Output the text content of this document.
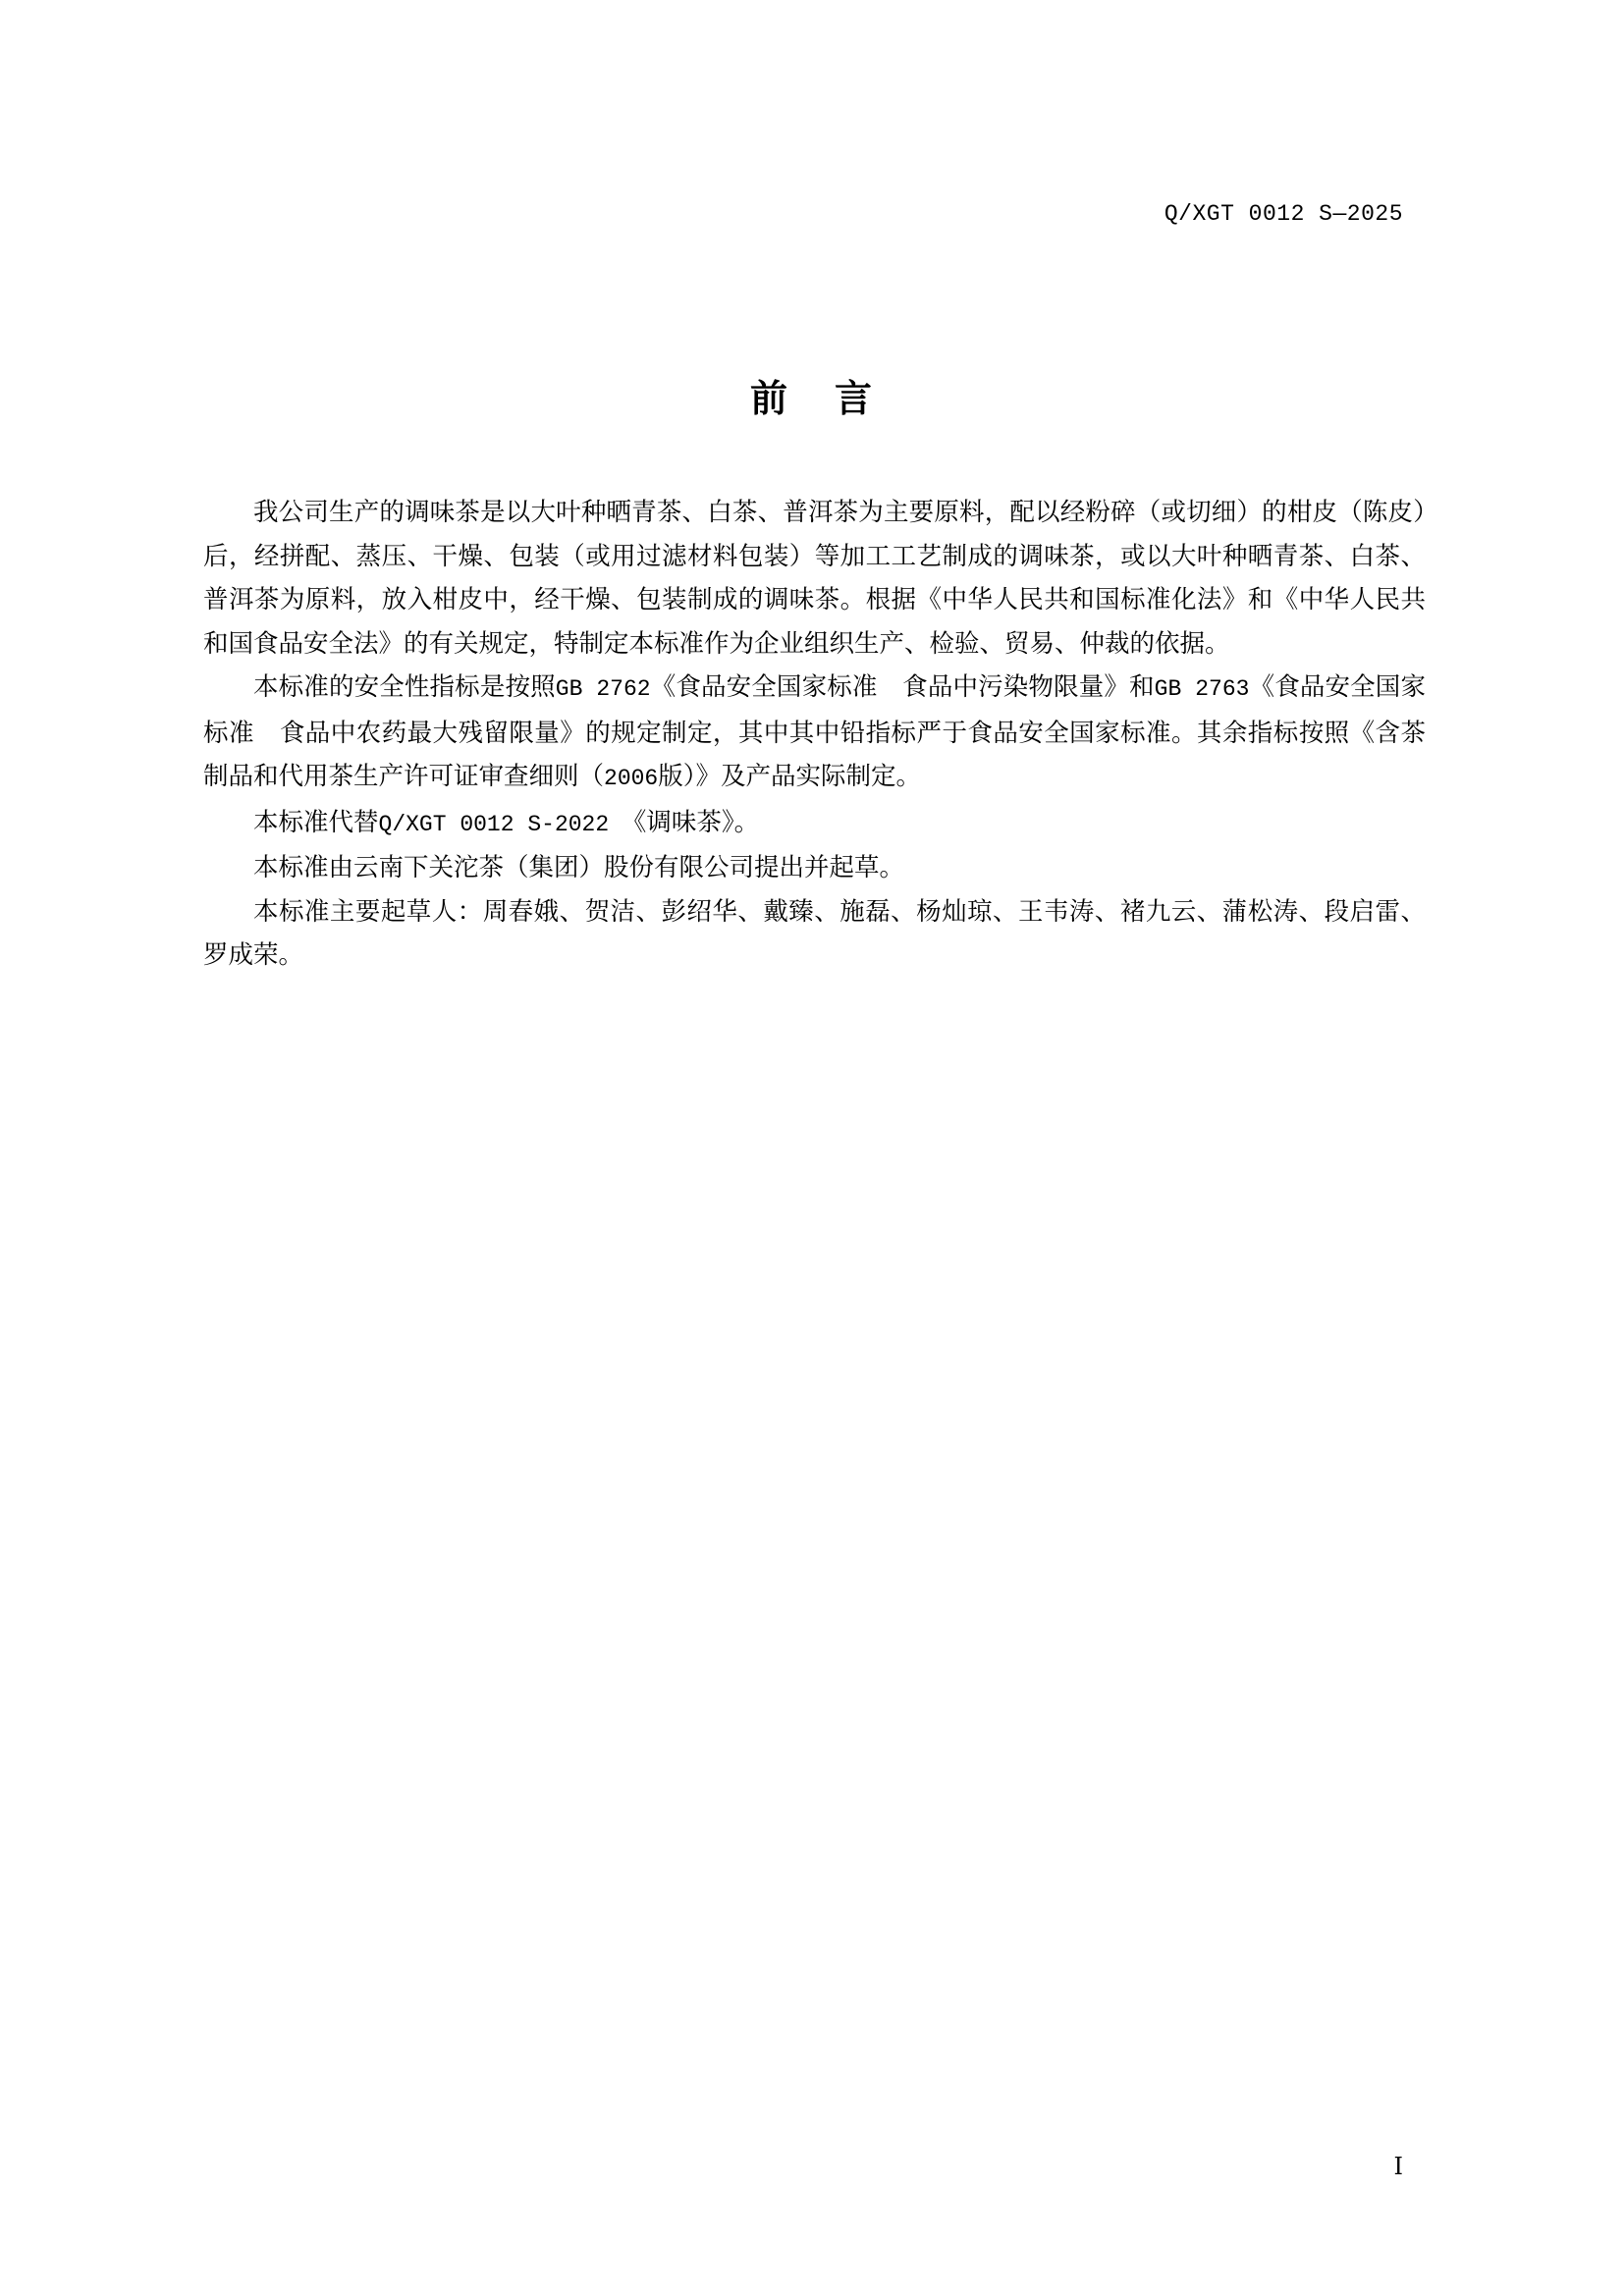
Q/XGT 0012 S—2025
前 言

我公司生产的调味茶是以大叶种晒青茶、白茶、普洱茶为主要原料，配以经粉碎（或切细）的柑皮（陈皮）后，经拼配、蒸压、干燥、包装（或用过滤材料包装）等加工工艺制成的调味茶，或以大叶种晒青茶、白茶、普洱茶为原料，放入柑皮中，经干燥、包装制成的调味茶。根据《中华人民共和国标准化法》和《中华人民共和国食品安全法》的有关规定，特制定本标准作为企业组织生产、检验、贸易、仲裁的依据。

本标准的安全性指标是按照GB 2762《食品安全国家标准　食品中污染物限量》和GB 2763《食品安全国家标准　食品中农药最大残留限量》的规定制定，其中其中铅指标严于食品安全国家标准。其余指标按照《含茶制品和代用茶生产许可证审查细则（2006版）》及产品实际制定。

本标准代替Q/XGT 0012 S-2022　《调味茶》。

本标准由云南下关沱茶（集团）股份有限公司提出并起草。

本标准主要起草人：周春娥、贺洁、彭绍华、戴臻、施磊、杨灿琼、王韦涛、褚九云、蒲松涛、段启雷、罗成荣。

I
